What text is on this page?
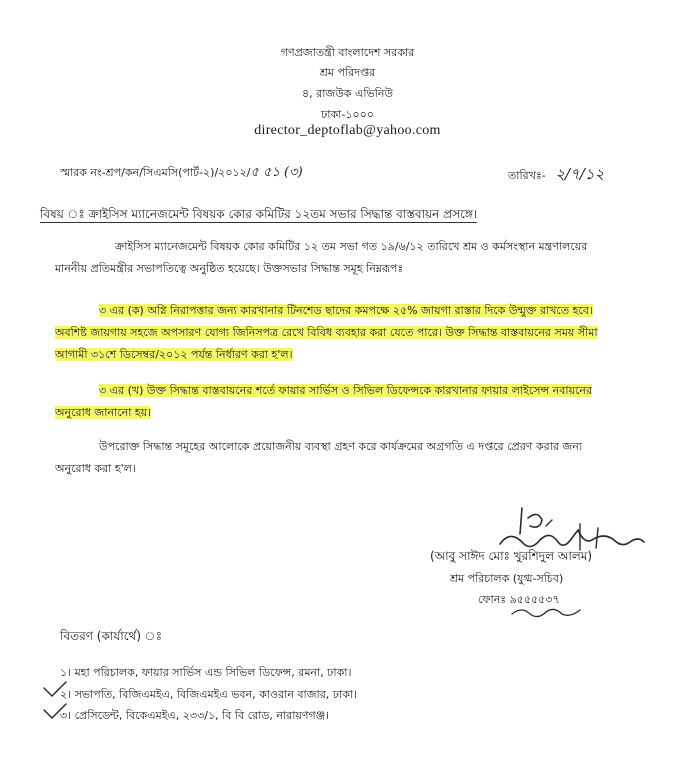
গণপ্রজাতন্ত্রী বাংলাদেশ সরকার
শ্রম পরিদপ্তর
৪, রাজউক এভিনিউ
ঢাকা-১০০০
director_deptoflab@yahoo.com
স্মারক নং-শ্রপ/কন/সিএমসি(পার্ট-২)/২০১২/৫ ৫১ (৩)	তারিখঃ- ২/৭/১২
বিষয় ঃ ক্রাইসিস ম্যানেজমেন্ট বিষয়ক কোর কমিটির ১২তম সভার সিদ্ধান্ত বাস্তবায়ন প্রসঙ্গে।
ক্রাইসিস ম্যানেজমেন্ট বিষয়ক কোর কমিটির ১২ তম সভা গত ১৯/৬/১২ তারিখে শ্রম ও কর্মসংস্থান মন্ত্রণালয়ের
মাননীয় প্রতিমন্ত্রীর সভাপতিত্বে অনুষ্ঠিত হয়েছে। উক্তসভার সিদ্ধান্ত সমূহ নিম্নরূপঃ
৩ এর (ক) অগ্নি নিরাপত্তার জন্য কারখানার টিনশেড ছাদের কমপক্ষে ২৫% জায়গা রাস্তার দিকে উন্মুক্ত রাখতে হবে।
অবশিষ্ট জায়গায় সহজে অপসারণ যোগ্য জিনিসপত্র রেখে বিবিধ ব্যবহার করা যেতে পারে। উক্ত সিদ্ধান্ত বাস্তবায়নের সময় সীমা
আগামী ৩১শে ডিসেম্বর/২০১২ পর্যন্ত নির্ধারণ করা হ'ল।
৩ এর (খ) উক্ত সিদ্ধান্ত বাস্তবায়নের শর্তে ফায়ার সার্ভিস ও সিভিল ডিফেন্সকে কারখানার ফায়ার লাইসেন্স নবায়নের
অনুরোধ জানানো হয়।
উপরোক্ত সিদ্ধান্ত সমূহের আলোকে প্রয়োজনীয় ব্যবস্থা গ্রহণ করে কার্যক্রমের অগ্রগতি এ দপ্তরে প্রেরণ করার জন্য
অনুরোধ করা হ'ল।
(আবু সাঈদ মোঃ খুরশিদুল আলম)
শ্রম পরিচালক (যুগ্ম-সচিব)
ফোনঃ ৯৫৫৫৫৩৭
বিতরণ (কার্যার্থে) ঃ
১। মহা পরিচালক, ফায়ার সার্ভিস এন্ড সিভিল ডিফেন্স, রমনা, ঢাকা।
২। সভাপতি, বিজিএমইএ, বিজিএমইএ ভবন, কাওরান বাজার, ঢাকা।
৩। প্রেসিডেন্ট, বিকেএমইএ, ২৩৩/১, বি বি রোড, নারায়ণগঞ্জ।
